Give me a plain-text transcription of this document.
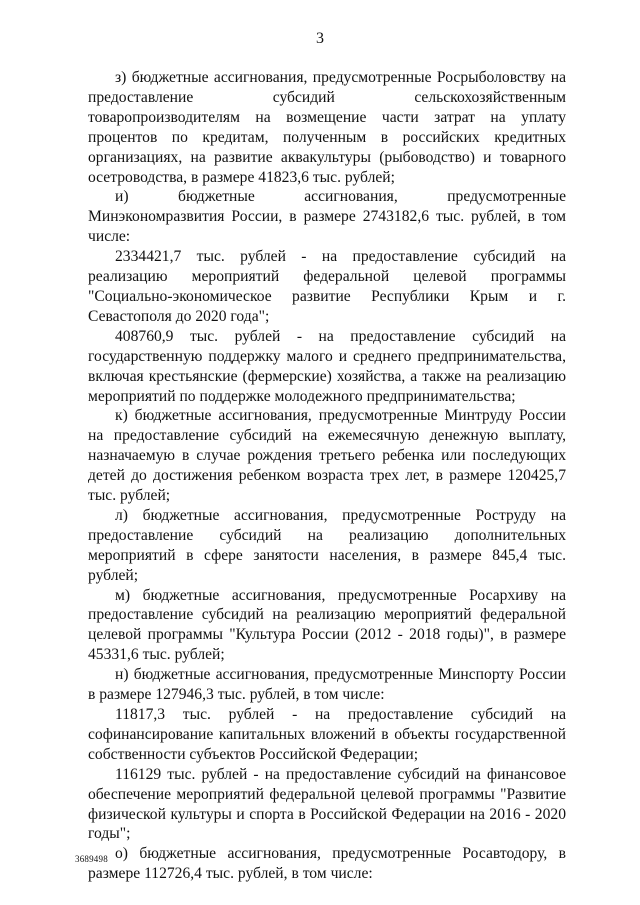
3

з) бюджетные ассигнования, предусмотренные Росрыболовству на предоставление субсидий сельскохозяйственным товаропроизводителям на возмещение части затрат на уплату процентов по кредитам, полученным в российских кредитных организациях, на развитие аквакультуры (рыбоводство) и товарного осетроводства, в размере 41823,6 тыс. рублей;

и) бюджетные ассигнования, предусмотренные Минэкономразвития России, в размере 2743182,6 тыс. рублей, в том числе:

2334421,7 тыс. рублей - на предоставление субсидий на реализацию мероприятий федеральной целевой программы "Социально-экономическое развитие Республики Крым и г. Севастополя до 2020 года";

408760,9 тыс. рублей - на предоставление субсидий на государственную поддержку малого и среднего предпринимательства, включая крестьянские (фермерские) хозяйства, а также на реализацию мероприятий по поддержке молодежного предпринимательства;

к) бюджетные ассигнования, предусмотренные Минтруду России на предоставление субсидий на ежемесячную денежную выплату, назначаемую в случае рождения третьего ребенка или последующих детей до достижения ребенком возраста трех лет, в размере 120425,7 тыс. рублей;

л) бюджетные ассигнования, предусмотренные Роструду на предоставление субсидий на реализацию дополнительных мероприятий в сфере занятости населения, в размере 845,4 тыс. рублей;

м) бюджетные ассигнования, предусмотренные Росархиву на предоставление субсидий на реализацию мероприятий федеральной целевой программы "Культура России (2012 - 2018 годы)", в размере 45331,6 тыс. рублей;

н) бюджетные ассигнования, предусмотренные Минспорту России в размере 127946,3 тыс. рублей, в том числе:

11817,3 тыс. рублей - на предоставление субсидий на софинансирование капитальных вложений в объекты государственной собственности субъектов Российской Федерации;

116129 тыс. рублей - на предоставление субсидий на финансовое обеспечение мероприятий федеральной целевой программы "Развитие физической культуры и спорта в Российской Федерации на 2016 - 2020 годы";

о) бюджетные ассигнования, предусмотренные Росавтодору, в размере 112726,4 тыс. рублей, в том числе:

3689498
